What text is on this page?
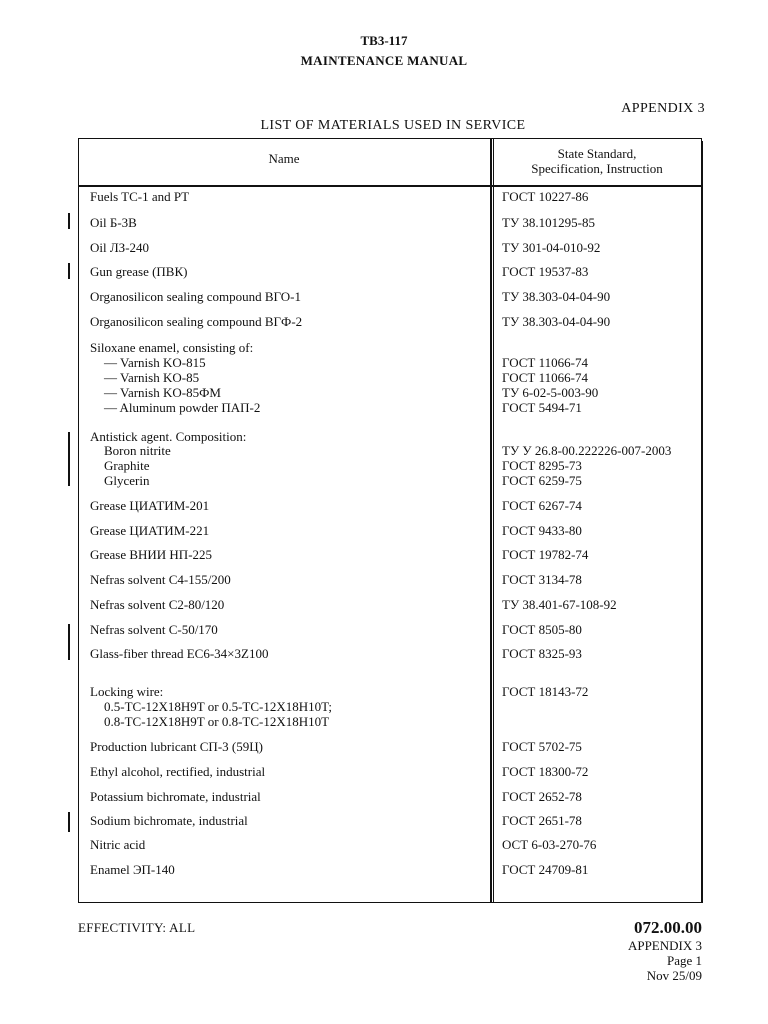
TB3-117
MAINTENANCE MANUAL
APPENDIX 3
LIST OF MATERIALS USED IN SERVICE
Name	State Standard,
Specification, Instruction
Fuels TC-1 and PT
Oil Б-3В
Oil ЛЗ-240
Gun grease (ПВК)
Organosilicon sealing compound ВГО-1
Organosilicon sealing compound ВГФ-2
Siloxane enamel, consisting of:
— Varnish KO-815
— Varnish KO-85
— Varnish KO-85ФМ
— Aluminum powder ПАП-2
Antistick agent. Composition:
Boron nitrite
Graphite
Glycerin
Grease ЦИАТИМ-201
Grease ЦИАТИМ-221
Grease ВНИИ НП-225
Nefras solvent C4-155/200
Nefras solvent C2-80/120
Nefras solvent C-50/170
Glass-fiber thread EC6-34×3Z100
Locking wire:
0.5-TC-12X18H9T or 0.5-TC-12X18H10T;
0.8-TC-12X18H9T or 0.8-TC-12X18H10T
Production lubricant СП-3 (59Ц)
Ethyl alcohol, rectified, industrial
Potassium bichromate, industrial
Sodium bichromate, industrial
Nitric acid
Enamel ЭП-140
ГОСТ 10227-86
ТУ 38.101295-85
ТУ 301-04-010-92
ГОСТ 19537-83
ТУ 38.303-04-04-90
ТУ 38.303-04-04-90
ГОСТ 11066-74
ГОСТ 11066-74
ТУ 6-02-5-003-90
ГОСТ 5494-71
ТУ У 26.8-00.222226-007-2003
ГОСТ 8295-73
ГОСТ 6259-75
ГОСТ 6267-74
ГОСТ 9433-80
ГОСТ 19782-74
ГОСТ 3134-78
ТУ 38.401-67-108-92
ГОСТ 8505-80
ГОСТ 8325-93
ГОСТ 18143-72
ГОСТ 5702-75
ГОСТ 18300-72
ГОСТ 2652-78
ГОСТ 2651-78
ОСТ 6-03-270-76
ГОСТ 24709-81
EFFECTIVITY: ALL	072.00.00
APPENDIX 3
Page 1
Nov 25/09
